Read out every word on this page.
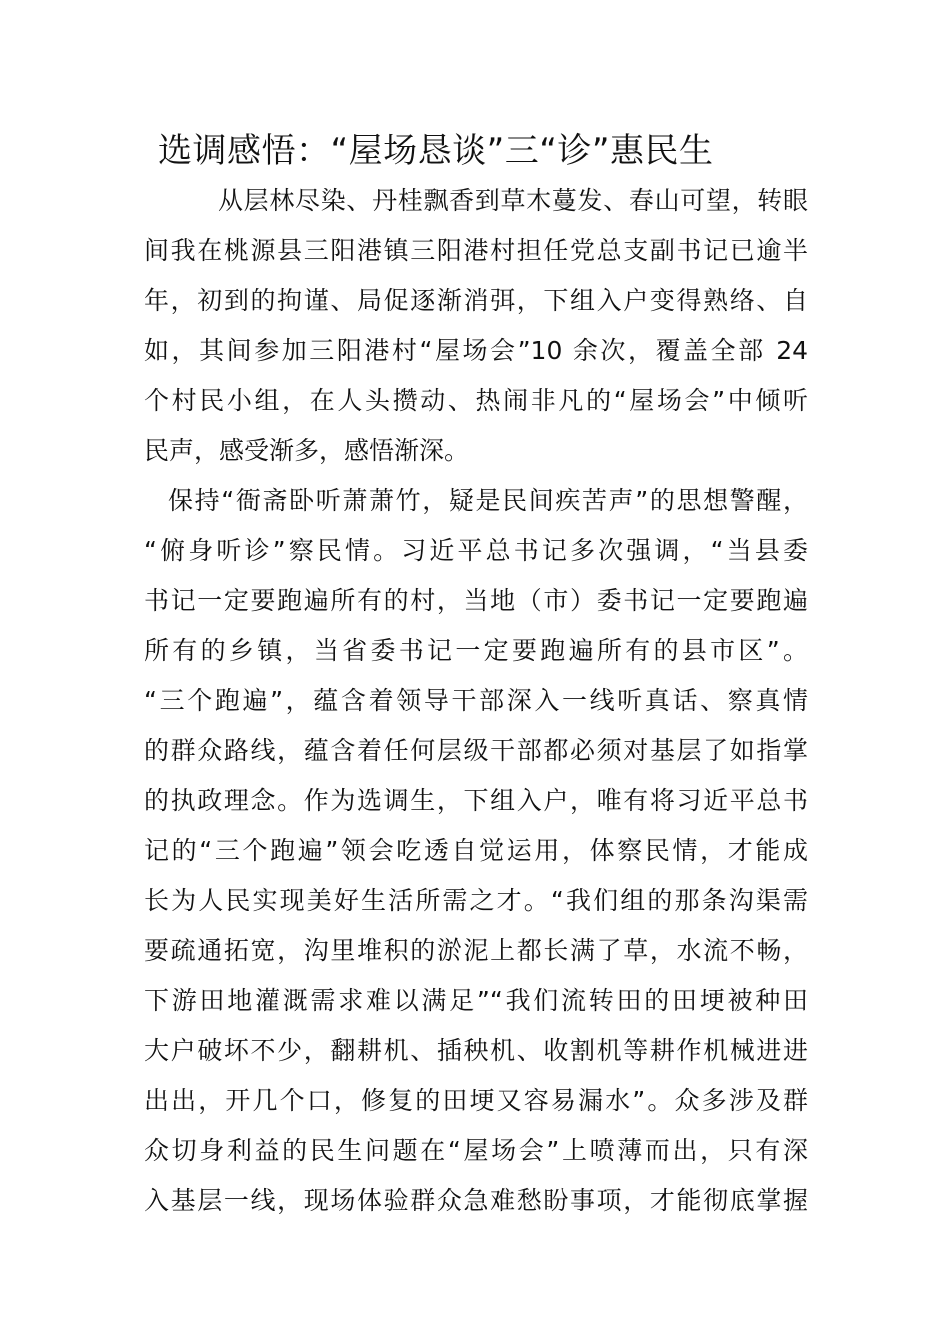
选调感悟：“屋场恳谈”三“诊”惠民生
从层林尽染、丹桂飘香到草木蔓发、春山可望，转眼
间我在桃源县三阳港镇三阳港村担任党总支副书记已逾半
年，初到的拘谨、局促逐渐消弭，下组入户变得熟络、自
如，其间参加三阳港村“屋场会”10 余次，覆盖全部 24
个村民小组，在人头攒动、热闹非凡的“屋场会”中倾听
民声，感受渐多，感悟渐深。
保持“衙斋卧听萧萧竹，疑是民间疾苦声”的思想警醒，
“俯身听诊”察民情。习近平总书记多次强调，“当县委
书记一定要跑遍所有的村，当地（市）委书记一定要跑遍
所有的乡镇，当省委书记一定要跑遍所有的县市区”。
“三个跑遍”，蕴含着领导干部深入一线听真话、察真情
的群众路线，蕴含着任何层级干部都必须对基层了如指掌
的执政理念。作为选调生，下组入户，唯有将习近平总书
记的“三个跑遍”领会吃透自觉运用，体察民情，才能成
长为人民实现美好生活所需之才。“我们组的那条沟渠需
要疏通拓宽，沟里堆积的淤泥上都长满了草，水流不畅，
下游田地灌溉需求难以满足”“我们流转田的田埂被种田
大户破坏不少，翻耕机、插秧机、收割机等耕作机械进进
出出，开几个口，修复的田埂又容易漏水”。众多涉及群
众切身利益的民生问题在“屋场会”上喷薄而出，只有深
入基层一线，现场体验群众急难愁盼事项，才能彻底掌握
